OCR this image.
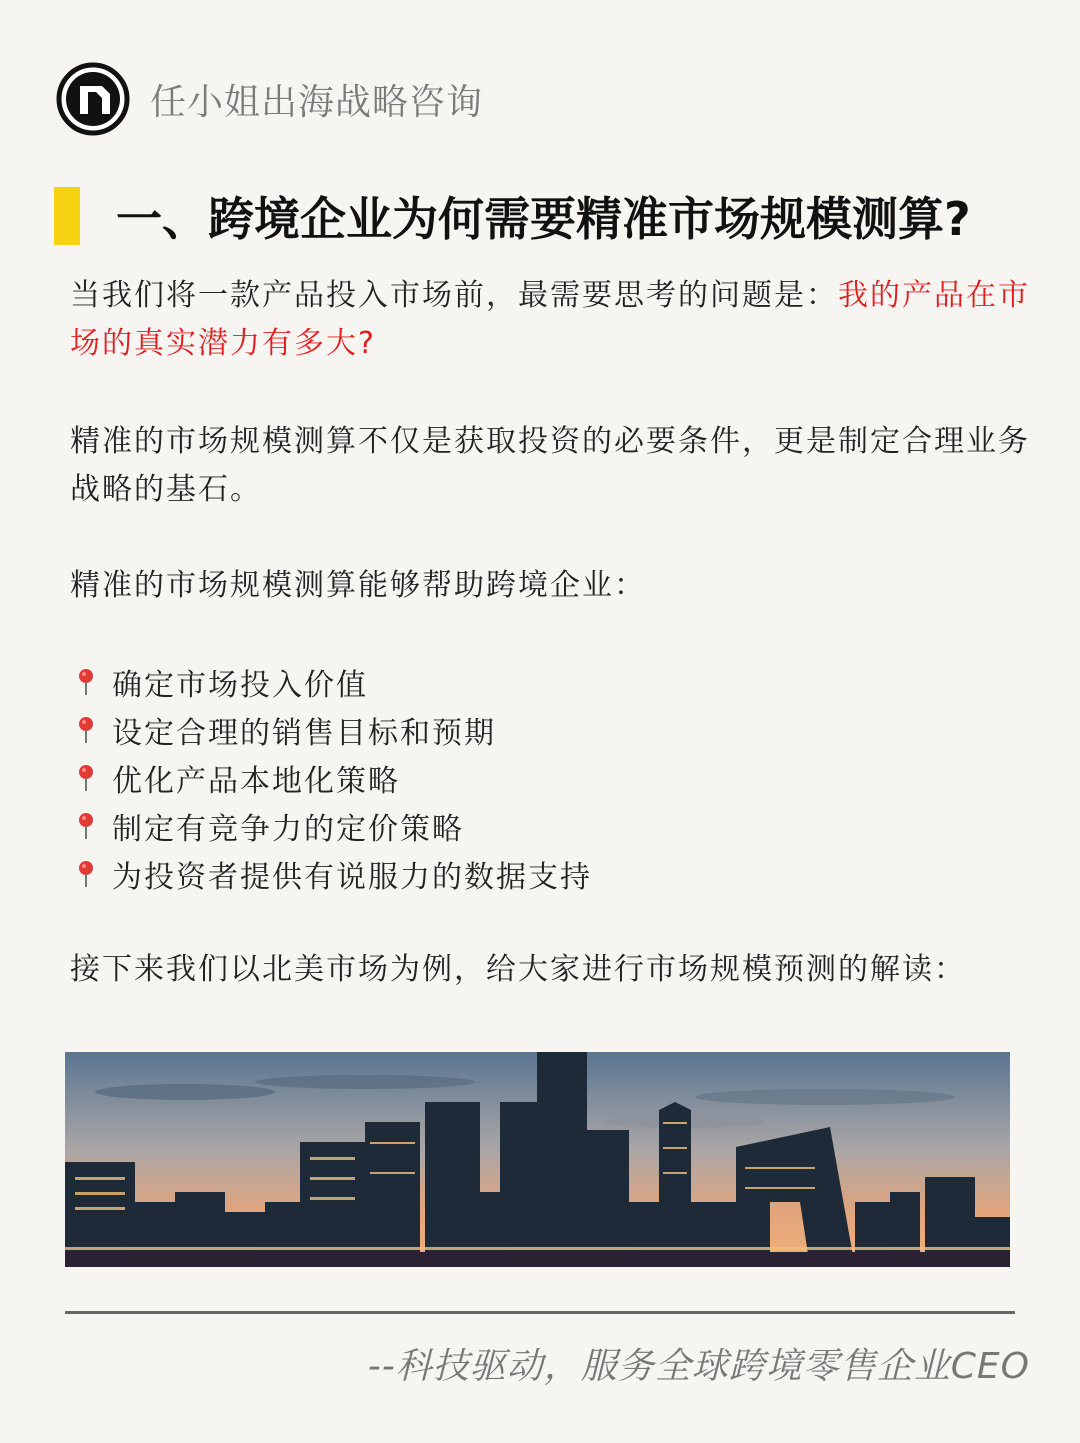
任小姐出海战略咨询
一、跨境企业为何需要精准市场规模测算?
当我们将一款产品投入市场前，最需要思考的问题是：我的产品在市场的真实潜力有多大?
精准的市场规模测算不仅是获取投资的必要条件，更是制定合理业务战略的基石。
精准的市场规模测算能够帮助跨境企业：
确定市场投入价值
设定合理的销售目标和预期
优化产品本地化策略
制定有竞争力的定价策略
为投资者提供有说服力的数据支持
接下来我们以北美市场为例，给大家进行市场规模预测的解读：
--科技驱动，服务全球跨境零售企业CEO
